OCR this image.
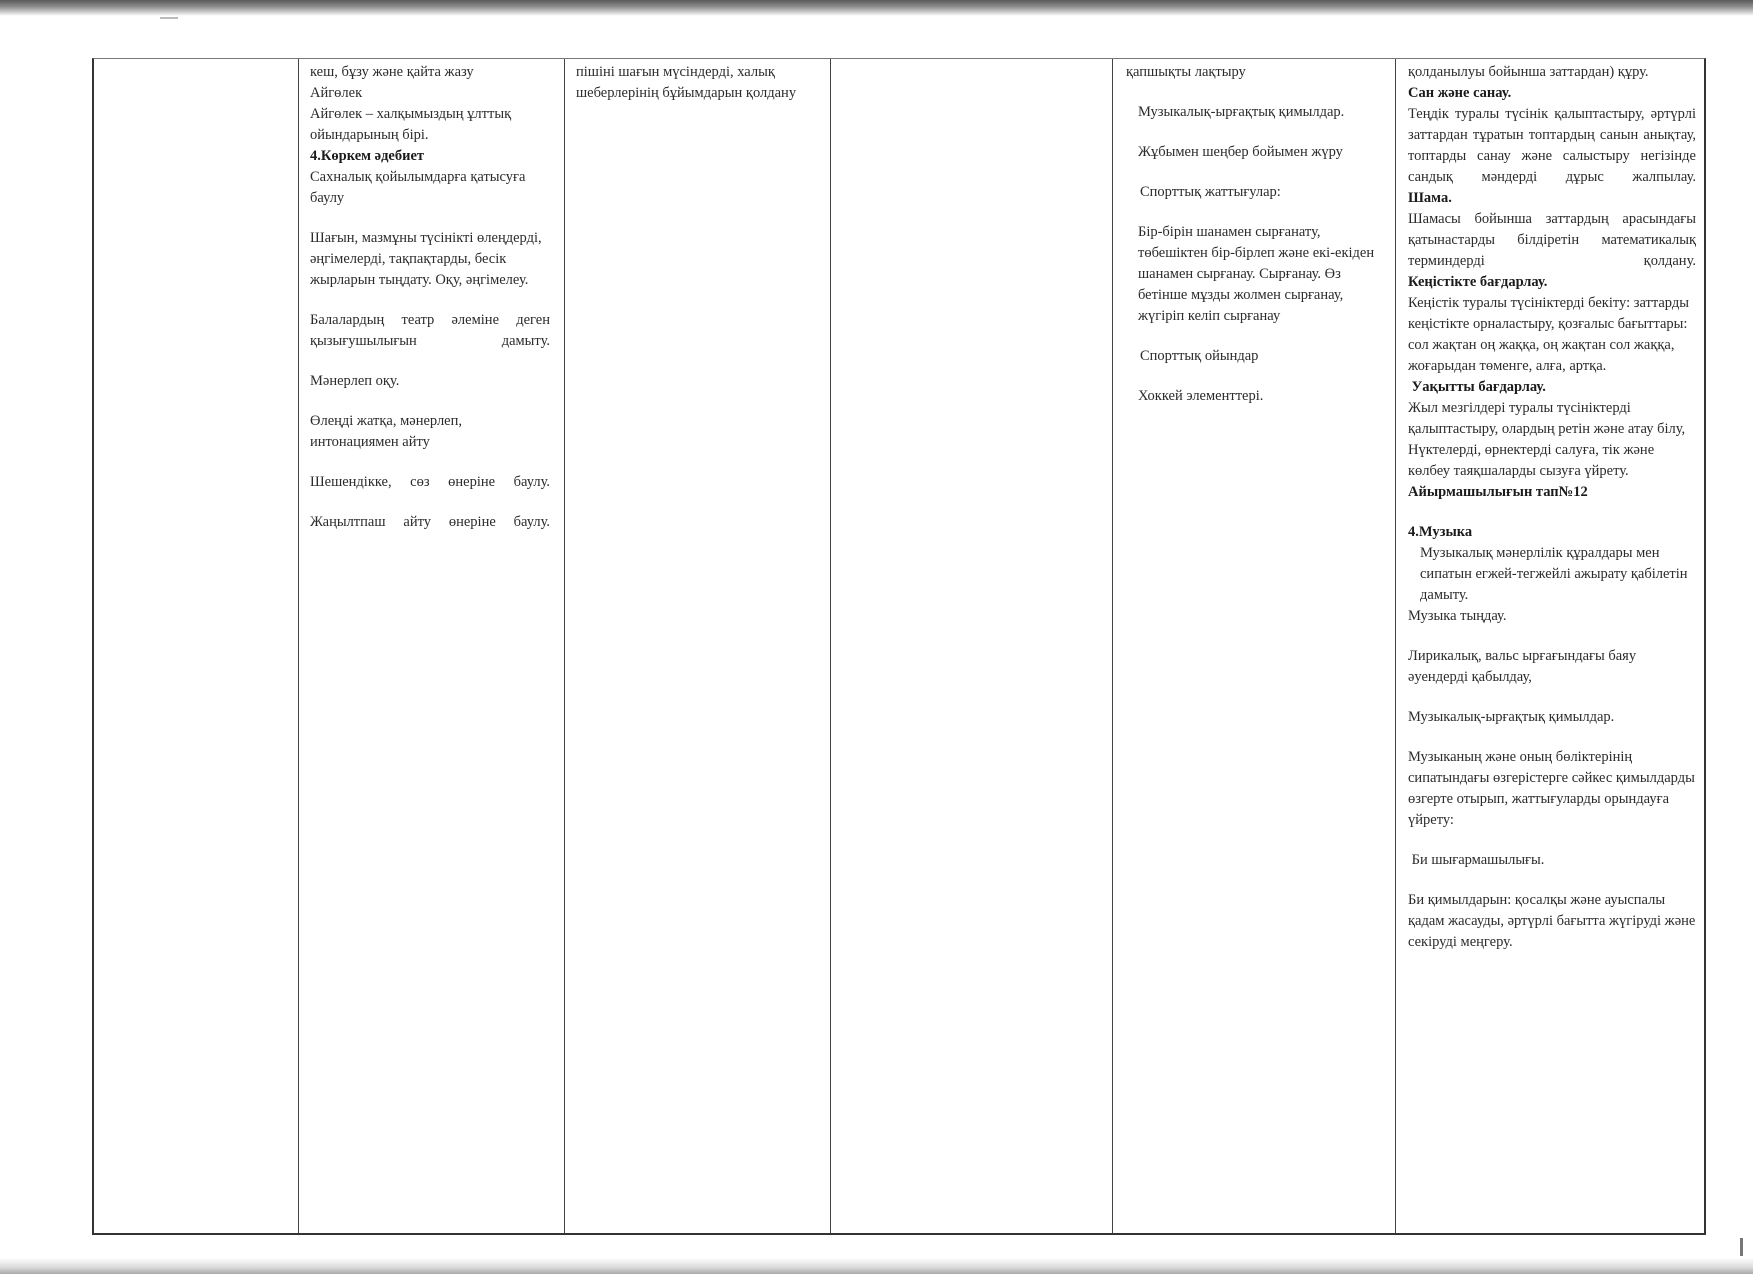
кеш, бұзу және қайта жазу

Айгөлек

Айгөлек – халқымыздың ұлттық ойындарының бірі.

4.Көркем әдебиет

Сахналық қойылымдарға қатысуға баулу

Шағын, мазмұны түсінікті өлеңдерді, әңгімелерді, тақпақтарды, бесік жырларын тыңдату. Оқу, әңгімелеу.

Балалардың театр әлеміне деген қызығушылығын дамыту.

Мәнерлеп оқу.

Өлеңді жатқа, мәнерлеп, интонациямен айту

Шешендікке, сөз өнеріне баулу.

Жаңылтпаш айту өнеріне баулу.

пішіні шағын мүсіндерді, халық шеберлерінің бұйымдарын қолдану

қапшықты лақтыру

Музыкалық-ырғақтық қимылдар.

Жұбымен шеңбер бойымен жүру

Спорттық жаттығулар:

Бір-бірін шанамен сырғанату, төбешіктен бір-бірлеп және екі-екіден шанамен сырғанау. Сырғанау. Өз бетінше мұзды жолмен сырғанау, жүгіріп келіп сырғанау

Спорттық ойындар

Хоккей элементтері.

қолданылуы бойынша заттардан) құру.

Сан және санау.

Теңдік туралы түсінік қалыптастыру, әртүрлі заттардан тұратын топтардың санын анықтау, топтарды санау және салыстыру негізінде сандық мәндерді дұрыс жалпылау.

Шама.

Шамасы бойынша заттардың арасындағы қатынастарды білдіретін математикалық терминдерді қолдану.

Кеңістікте бағдарлау.

Кеңістік туралы түсініктерді бекіту: заттарды кеңістікте орналастыру, қозғалыс бағыттары: сол жақтан оң жаққа, оң жақтан сол жаққа, жоғарыдан төменге, алға, артқа.

Уақытты бағдарлау.

Жыл мезгілдері туралы түсініктерді қалыптастыру, олардың ретін және атау білу, Нүктелерді, өрнектерді салуға, тік және көлбеу таяқшаларды сызуға үйрету.

Айырмашылығын тап№12

4.Музыка

Музыкалық мәнерлілік құралдары мен сипатын егжей-тегжейлі ажырату қабілетін дамыту.

Музыка тыңдау.

Лирикалық, вальс ырғағындағы баяу әуендерді қабылдау,

Музыкалық-ырғақтық қимылдар.

Музыканың және оның бөліктерінің сипатындағы өзгерістерге сәйкес қимылдарды өзгерте отырып, жаттығуларды орындауға үйрету:

Би шығармашылығы.

Би қимылдарын: қосалқы және ауыспалы қадам жасауды, әртүрлі бағытта жүгіруді және секіруді меңгеру.
